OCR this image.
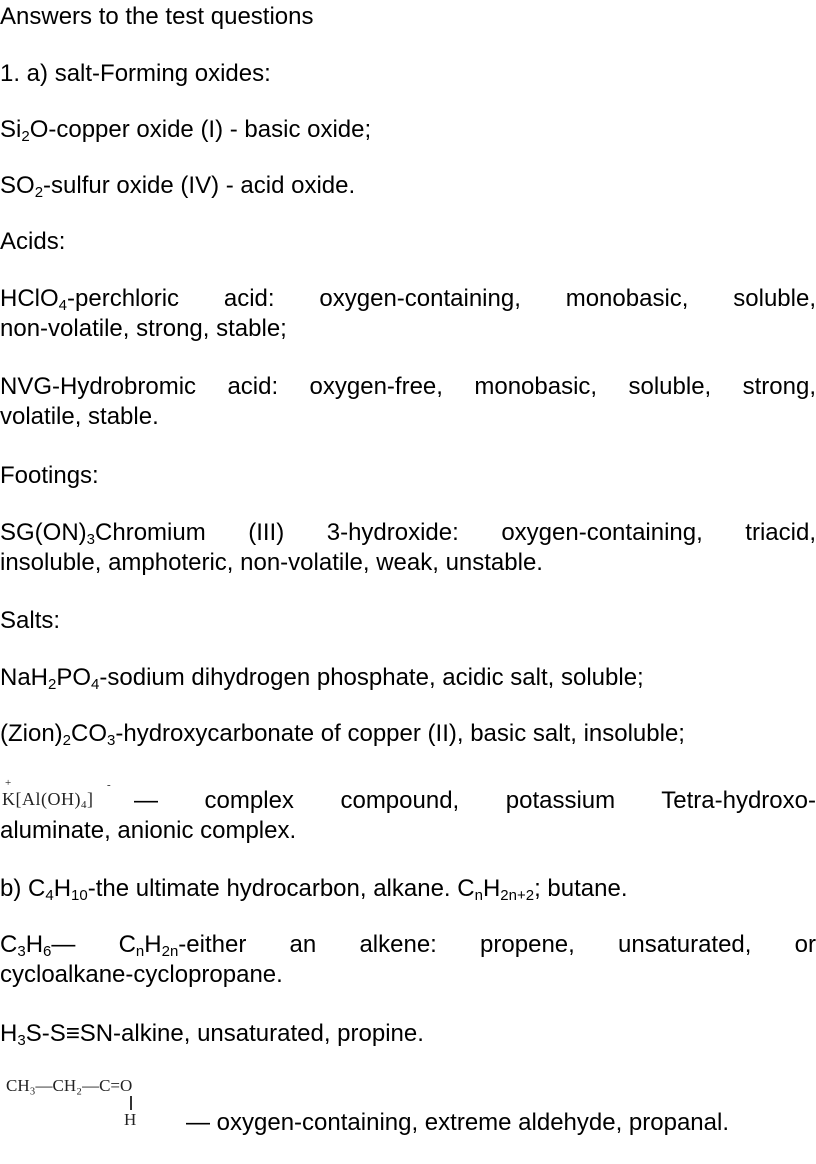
Answers to the test questions

1. a) salt-Forming oxides:

$Si_2O$-copper oxide (I) - basic oxide;

$SO_2$-sulfur oxide (IV) - acid oxide.

Acids:

HClO$_4$-perchloric acid: oxygen-containing, monobasic, soluble,
non-volatile, strong, stable;
NVG-Hydrobromic acid: oxygen-free, monobasic, soluble, strong,
volatile, stable.

Footings:

$SG(ON)_3Chromium$ (III) 3-hydroxide: oxygen-containing, triacid,
insoluble, amphoteric, non-volatile, weak, unstable.

Salts:

$NaH_2PO_4$-sodium dihydrogen phosphate, acidic salt, soluble;

$(Zion)_2CO_3$-hydroxycarbonate of copper (II), basic salt, insoluble;

+
$K[Al(OH)_4]$
-
— complex compound, potassium Tetra-hydroxo-
aluminate, anionic complex.

b) $C_4H_{10}$-the ultimate hydrocarbon, alkane. $C_nH_{2n+2}$; butane.

$C_3H_6—$ $C_nH_{2n}$-either an alkene: propene, unsaturated, or
cycloalkane-cyclopropane.

$H_3S-S\equiv SN$-alkine, unsaturated, propine.

CH₃—CH₂—C=O
H — oxygen-containing, extreme aldehyde, propanal.
